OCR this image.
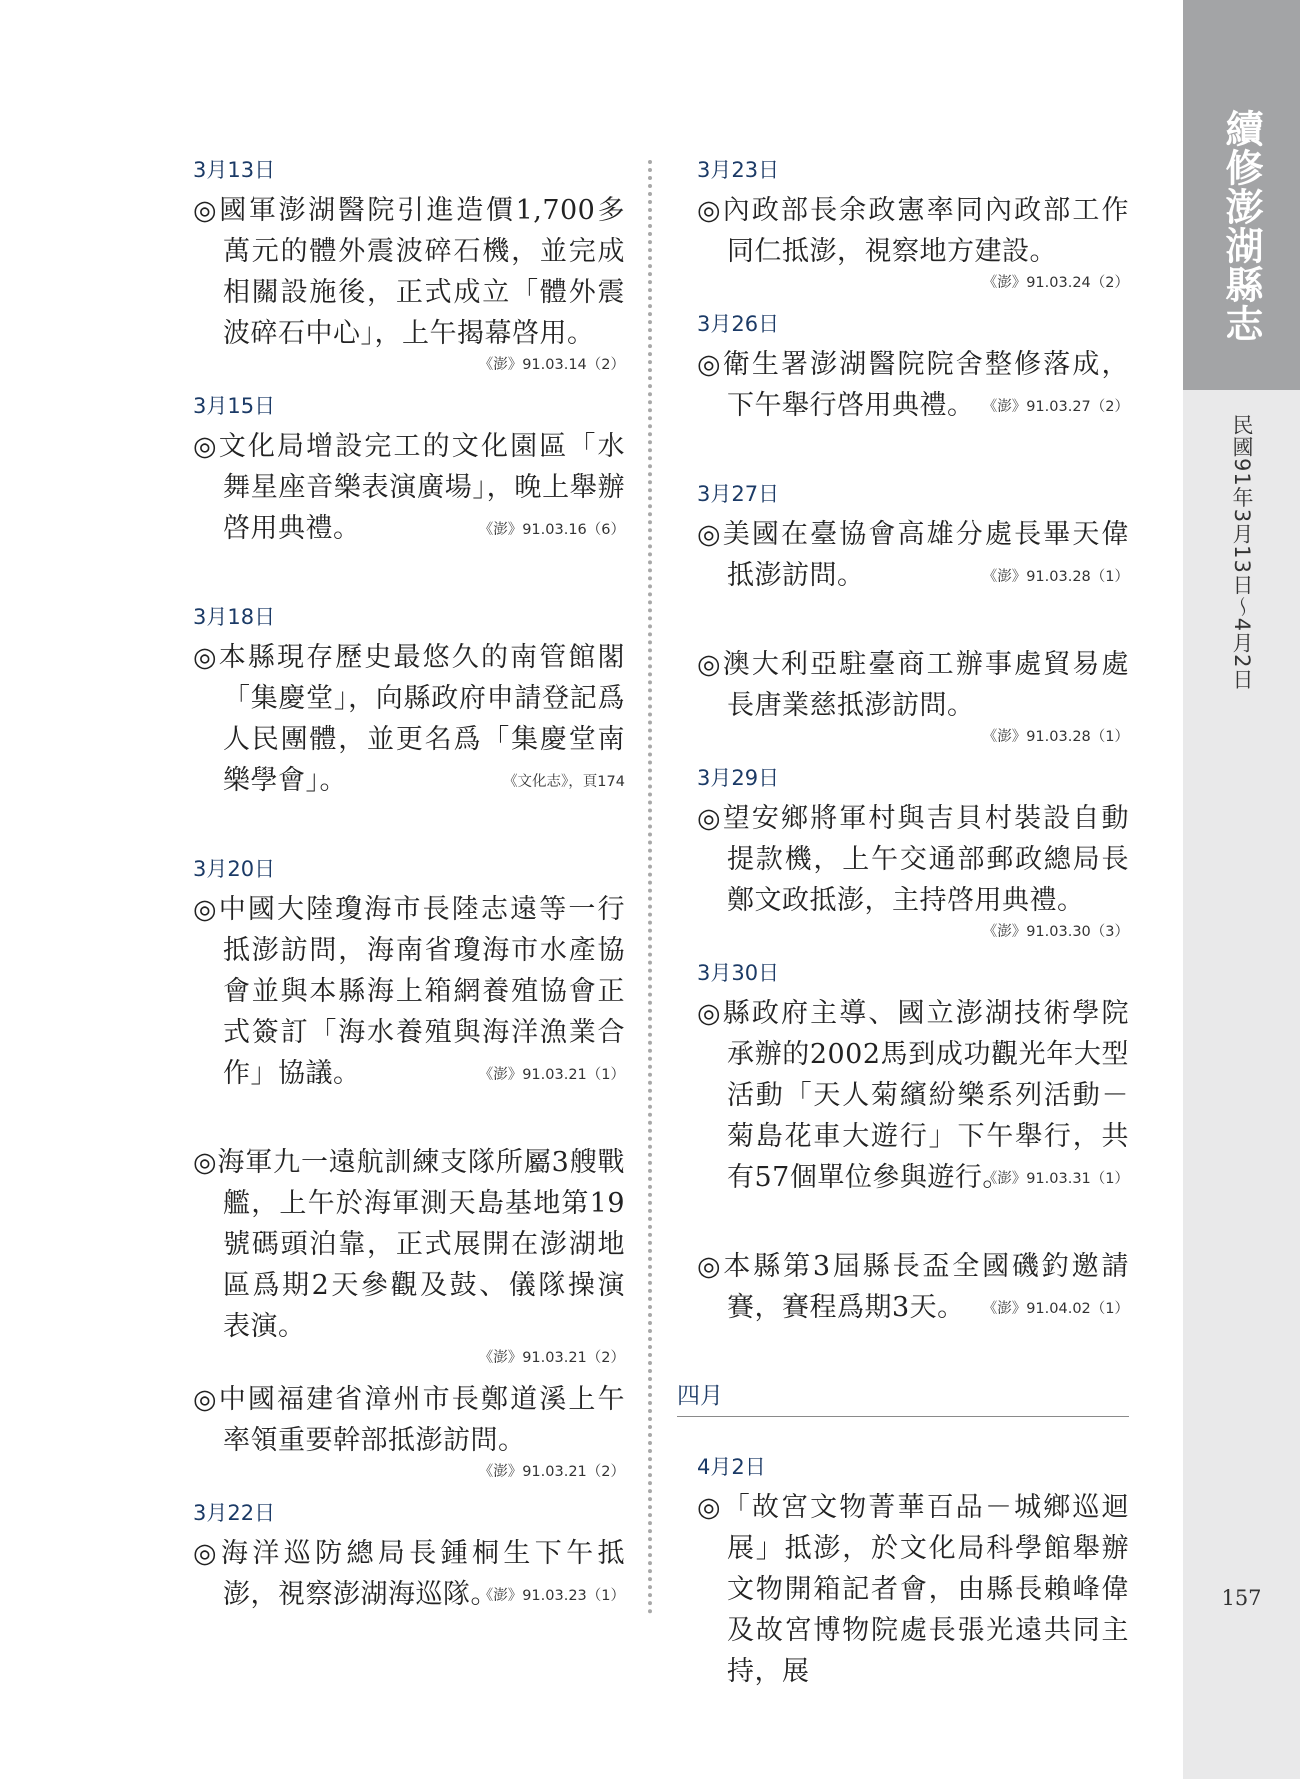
續修澎湖縣志大事記
民國91年3月13日～4月2日
157
3月13日
◎國軍澎湖醫院引進造價1,700多萬元的體外震波碎石機，並完成相關設施後，正式成立「體外震波碎石中心」，上午揭幕啓用。
《澎》91.03.14（2）
3月15日
◎文化局增設完工的文化園區「水舞星座音樂表演廣場」，晚上舉辦啓用典禮。	《澎》91.03.16（6）
3月18日
◎本縣現存歷史最悠久的南管館閣「集慶堂」，向縣政府申請登記爲人民團體，並更名爲「集慶堂南樂學會」。	《文化志》，頁174
3月20日
◎中國大陸瓊海市長陸志遠等一行抵澎訪問，海南省瓊海市水產協會並與本縣海上箱網養殖協會正式簽訂「海水養殖與海洋漁業合作」協議。	《澎》91.03.21（1）
◎海軍九一遠航訓練支隊所屬3艘戰艦，上午於海軍測天島基地第19號碼頭泊靠，正式展開在澎湖地區爲期2天參觀及鼓、儀隊操演表演。
《澎》91.03.21（2）
◎中國福建省漳州市長鄭道溪上午率領重要幹部抵澎訪問。
《澎》91.03.21（2）
3月22日
◎海洋巡防總局長鍾桐生下午抵澎，視察澎湖海巡隊。
《澎》91.03.23（1）
3月23日
◎內政部長余政憲率同內政部工作同仁抵澎，視察地方建設。
《澎》91.03.24（2）
3月26日
◎衛生署澎湖醫院院舍整修落成，下午舉行啓用典禮。 《澎》91.03.27（2）
3月27日
◎美國在臺協會高雄分處長畢天偉抵澎訪問。	《澎》91.03.28（1）
◎澳大利亞駐臺商工辦事處貿易處長唐業慈抵澎訪問。
《澎》91.03.28（1）
3月29日
◎望安鄉將軍村與吉貝村裝設自動提款機，上午交通部郵政總局長鄭文政抵澎，主持啓用典禮。
《澎》91.03.30（3）
3月30日
◎縣政府主導、國立澎湖技術學院承辦的2002馬到成功觀光年大型活動「天人菊繽紛樂系列活動－菊島花車大遊行」下午舉行，共有57個單位參與遊行。
《澎》91.03.31（1）
◎本縣第3屆縣長盃全國磯釣邀請賽，賽程爲期3天。	《澎》91.04.02（1）
四月
4月2日
◎「故宮文物菁華百品－城鄉巡迴展」抵澎，於文化局科學館舉辦文物開箱記者會，由縣長賴峰偉及故宮博物院處長張光遠共同主持，展
